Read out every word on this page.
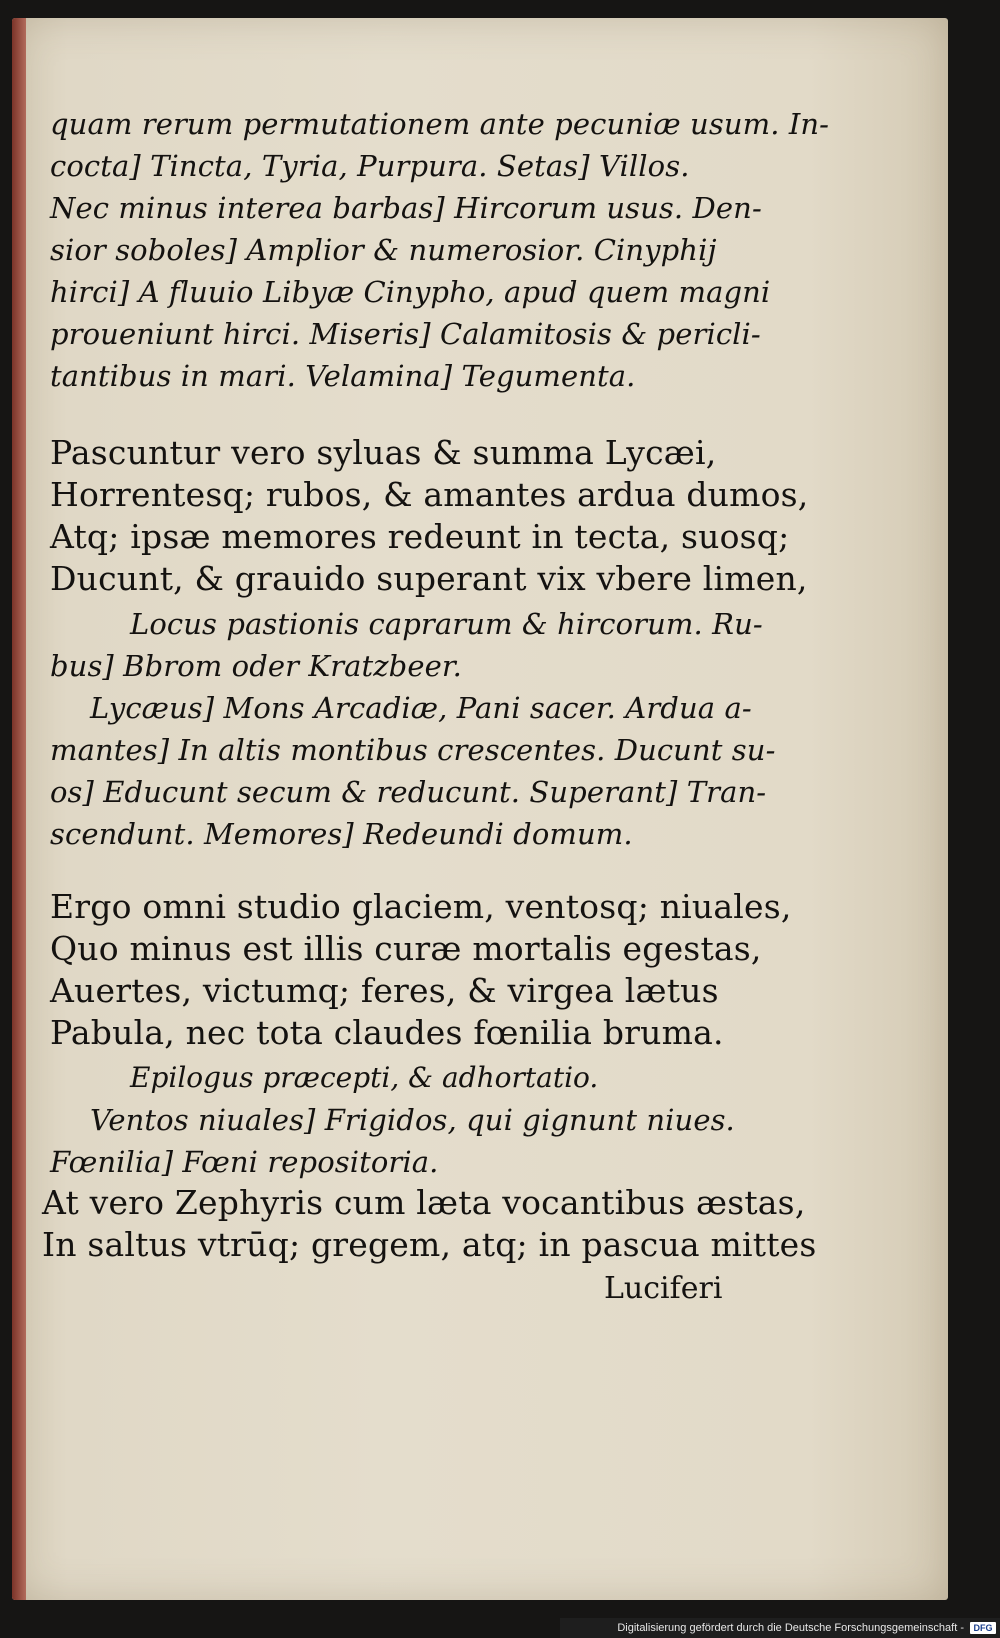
quam rerum permutationem ante pecuniæ usum. In-

cocta] Tincta, Tyria, Purpura. Setas] Villos.

Nec minus interea barbas] Hircorum usus. Den-

sior soboles] Amplior & numerosior. Cinyphij

hirci] A fluuio Libyæ Cinypho, apud quem magni

proueniunt hirci. Miseris] Calamitosis & pericli-

tantibus in mari. Velamina] Tegumenta.

Pascuntur vero syluas & summa Lycæi,

Horrentesq; rubos, & amantes ardua dumos,

Atq; ipsæ memores redeunt in tecta, suosq;

Ducunt, & grauido superant vix vbere limen,

Locus pastionis caprarum & hircorum. Ru-

bus] Bbrom oder Kratzbeer.

Lycæus] Mons Arcadiæ, Pani sacer. Ardua a-

mantes] In altis montibus crescentes. Ducunt su-

os] Educunt secum & reducunt. Superant] Tran-

scendunt. Memores] Redeundi domum.

Ergo omni studio glaciem, ventosq; niuales,

Quo minus est illis curæ mortalis egestas,

Auertes, victumq; feres, & virgea lætus

Pabula, nec tota claudes fœnilia bruma.

Epilogus præcepti, & adhortatio.

Ventos niuales] Frigidos, qui gignunt niues.

Fœnilia] Fœni repositoria.

At vero Zephyris cum læta vocantibus æstas,

In saltus vtrūq; gregem, atq; in pascua mittes

Luciferi

Digitalisierung gefördert durch die Deutsche Forschungsgemeinschaft -	DFG
